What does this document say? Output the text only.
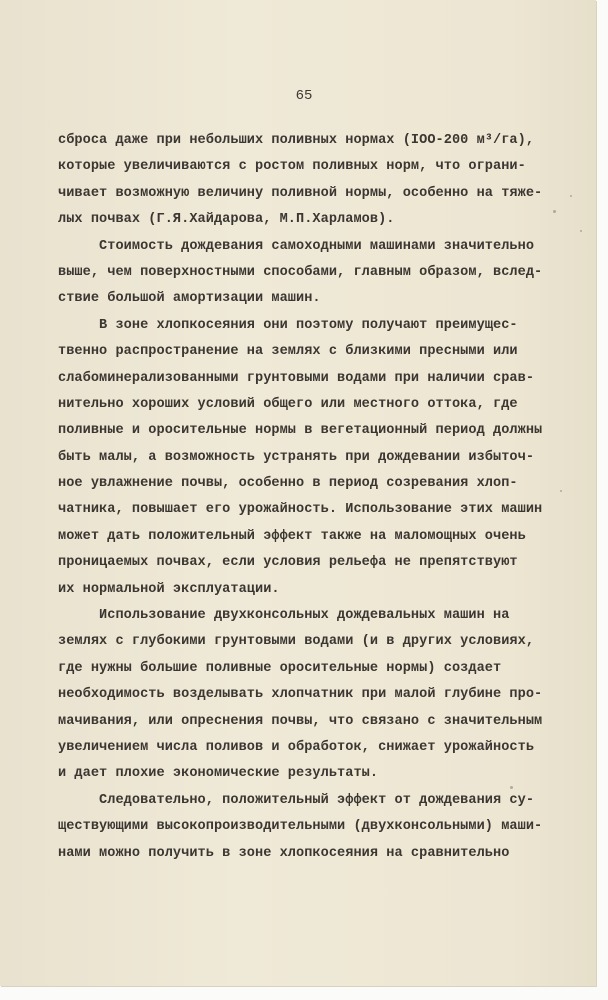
65
сброса даже при небольших поливных нормах (IOO-200 м³/га),
которые увеличиваются с ростом поливных норм, что ограни-
чивает возможную величину поливной нормы, особенно на тяже-
лых почвах (Г.Я.Хайдарова, М.П.Харламов).
Стоимость дождевания самоходными машинами значительно
выше, чем поверхностными способами, главным образом, вслед-
ствие большой амортизации машин.
В зоне хлопкосеяния они поэтому получают преимущес-
твенно распространение на землях с близкими пресными или
слабоминерализованными грунтовыми водами при наличии срав-
нительно хороших условий общего или местного оттока, где
поливные и оросительные нормы в вегетационный период должны
быть малы, а возможность устранять при дождевании избыточ-
ное увлажнение почвы, особенно в период созревания хлоп-
чатника, повышает его урожайность. Использование этих машин
может дать положительный эффект также на маломощных очень
проницаемых почвах, если условия рельефа не препятствуют
их нормальной эксплуатации.
Использование двухконсольных дождевальных машин на
землях с глубокими грунтовыми водами (и в других условиях,
где нужны большие поливные оросительные нормы) создает
необходимость возделывать хлопчатник при малой глубине про-
мачивания, или опреснения почвы, что связано с значительным
увеличением числа поливов и обработок, снижает урожайность
и дает плохие экономические результаты.
Следовательно, положительный эффект от дождевания су-
ществующими высокопроизводительными (двухконсольными) маши-
нами можно получить в зоне хлопкосеяния на сравнительно
